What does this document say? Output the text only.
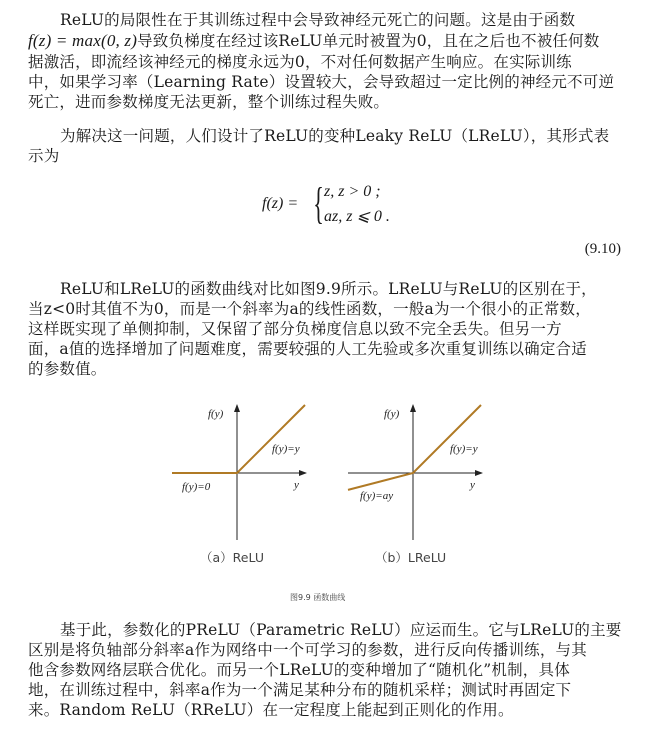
ReLU的局限性在于其训练过程中会导致神经元死亡的问题。这是由于函数
f(z) = max(0, z)导致负梯度在经过该ReLU单元时被置为0，且在之后也不被任何数
据激活，即流经该神经元的梯度永远为0，不对任何数据产生响应。在实际训练
中，如果学习率（Learning Rate）设置较大，会导致超过一定比例的神经元不可逆
死亡，进而参数梯度无法更新，整个训练过程失败。
为解决这一问题，人们设计了ReLU的变种Leaky ReLU（LReLU），其形式表
示为
f(z) = { z, z > 0 ;
az, z ⩽ 0 .
(9.10)
ReLU和LReLU的函数曲线对比如图9.9所示。LReLU与ReLU的区别在于，
当z<0时其值不为0，而是一个斜率为a的线性函数，一般a为一个很小的正常数，
这样既实现了单侧抑制，又保留了部分负梯度信息以致不完全丢失。但另一方
面，a值的选择增加了问题难度，需要较强的人工先验或多次重复训练以确定合适
的参数值。
f(y)
f(y)=y
f(y)=0	y
（a）ReLU
f(y)
f(y)=y
f(y)=ay
y
（b）LReLU
图9.9 函数曲线
基于此，参数化的PReLU（Parametric ReLU）应运而生。它与LReLU的主要
区别是将负轴部分斜率a作为网络中一个可学习的参数，进行反向传播训练，与其
他含参数网络层联合优化。而另一个LReLU的变种增加了“随机化”机制，具体
地，在训练过程中，斜率a作为一个满足某种分布的随机采样；测试时再固定下
来。Random ReLU（RReLU）在一定程度上能起到正则化的作用。
